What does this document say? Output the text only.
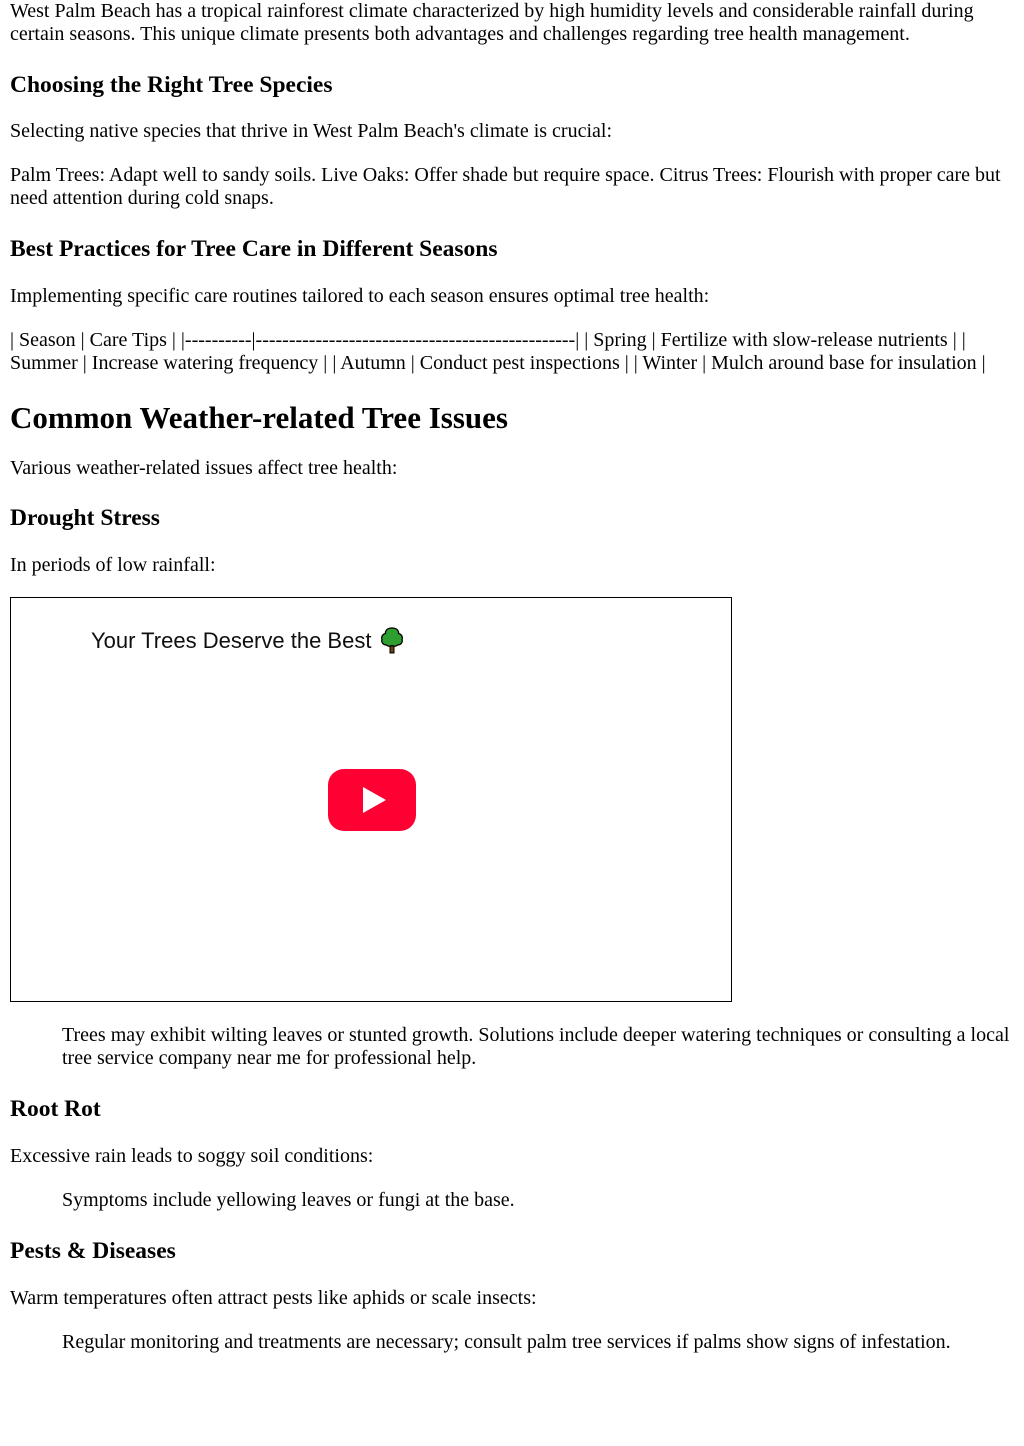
West Palm Beach has a tropical rainforest climate characterized by high humidity levels and considerable rainfall during certain seasons. This unique climate presents both advantages and challenges regarding tree health management.

Choosing the Right Tree Species

Selecting native species that thrive in West Palm Beach's climate is crucial:

Palm Trees: Adapt well to sandy soils. Live Oaks: Offer shade but require space. Citrus Trees: Flourish with proper care but need attention during cold snaps.

Best Practices for Tree Care in Different Seasons

Implementing specific care routines tailored to each season ensures optimal tree health:

| Season | Care Tips | |----------|------------------------------------------------| | Spring | Fertilize with slow-release nutrients | | Summer | Increase watering frequency | | Autumn | Conduct pest inspections | | Winter | Mulch around base for insulation |

Common Weather-related Tree Issues

Various weather-related issues affect tree health:

Drought Stress

In periods of low rainfall:

Your Trees Deserve the Best
Trees may exhibit wilting leaves or stunted growth. Solutions include deeper watering techniques or consulting a local tree service company near me for professional help.
Root Rot

Excessive rain leads to soggy soil conditions:

Symptoms include yellowing leaves or fungi at the base.
Pests & Diseases

Warm temperatures often attract pests like aphids or scale insects:

Regular monitoring and treatments are necessary; consult palm tree services if palms show signs of infestation.
